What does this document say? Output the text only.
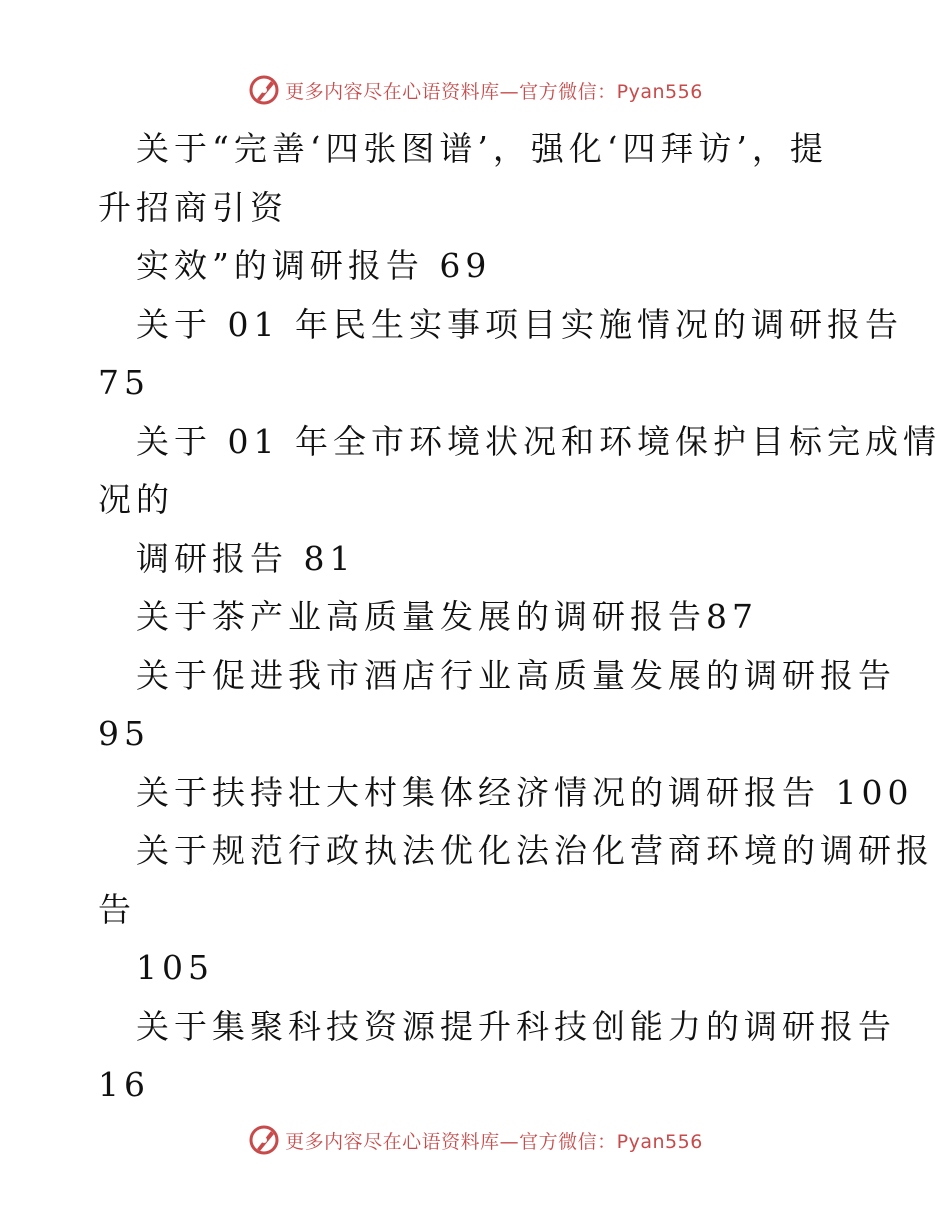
更多内容尽在心语资料库—官方微信：Pyan556
关于“完善‘四张图谱’，强化‘四拜访’，提
升招商引资
实效”的调研报告 69
关于 01 年民生实事项目实施情况的调研报告
75
关于 01 年全市环境状况和环境保护目标完成情
况的
调研报告 81
关于茶产业高质量发展的调研报告87
关于促进我市酒店行业高质量发展的调研报告
95
关于扶持壮大村集体经济情况的调研报告 100
关于规范行政执法优化法治化营商环境的调研报
告
105
关于集聚科技资源提升科技创能力的调研报告
16
更多内容尽在心语资料库—官方微信：Pyan556
